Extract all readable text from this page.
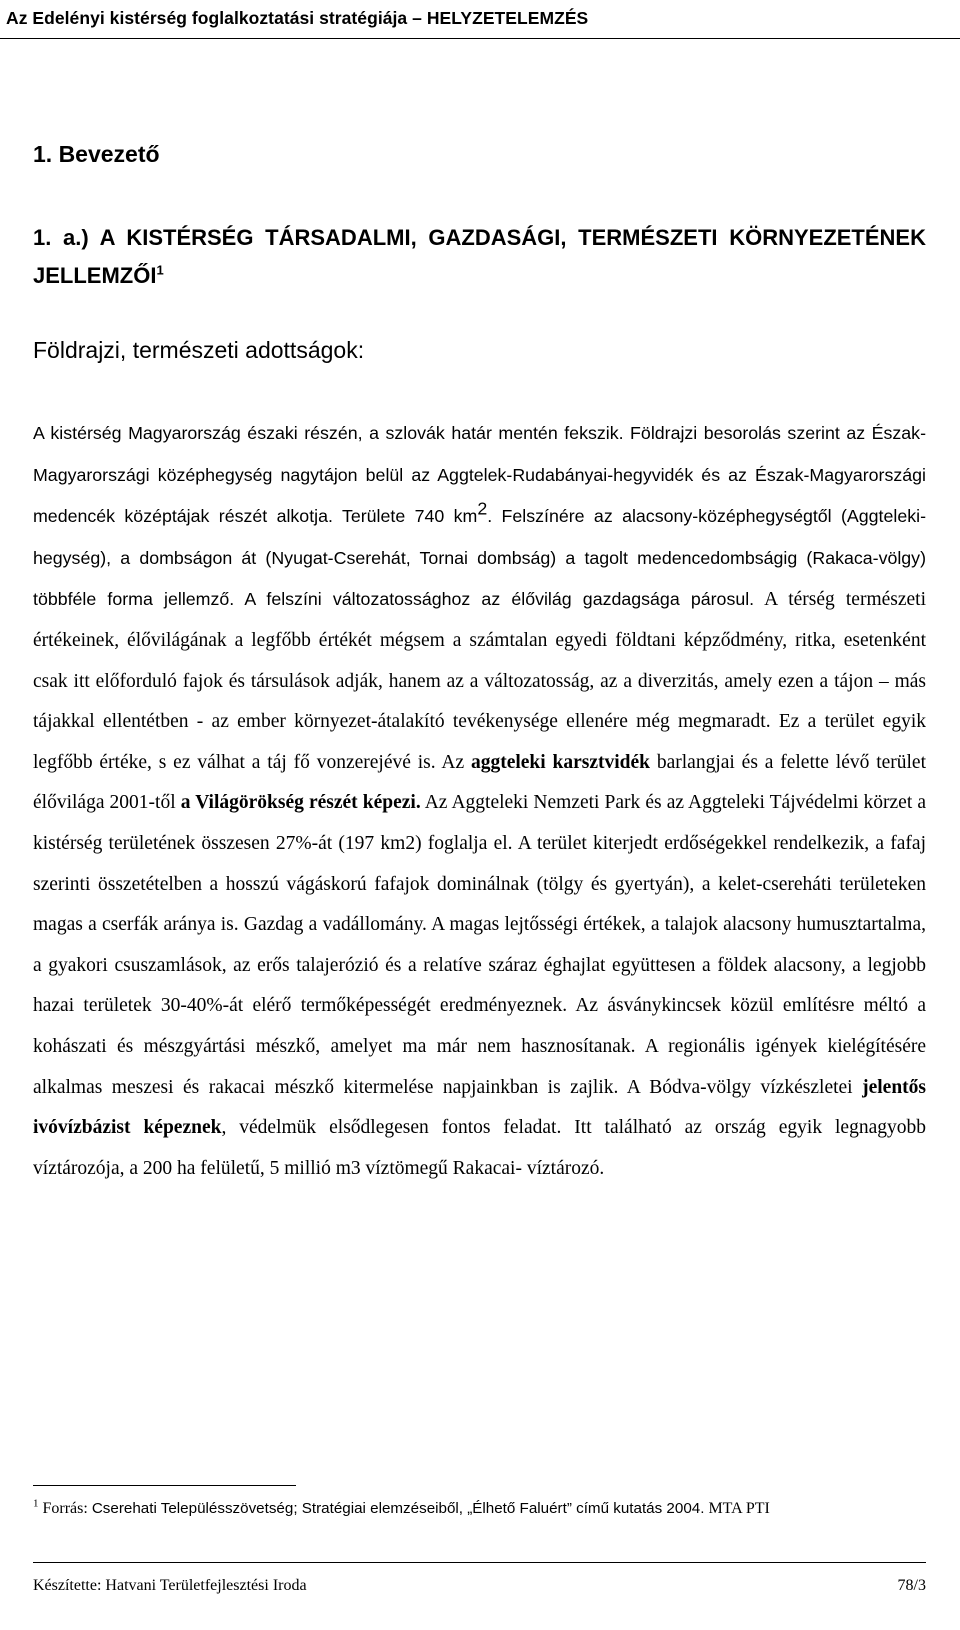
Az Edelényi kistérség foglalkoztatási stratégiája – HELYZETELEMZÉS
1. Bevezető
1. a.) A KISTÉRSÉG TÁRSADALMI, GAZDASÁGI, TERMÉSZETI KÖRNYEZETÉNEK JELLEMZŐI$^1$
Földrajzi, természeti adottságok:

A kistérség Magyarország északi részén, a szlovák határ mentén fekszik. Földrajzi besorolás szerint az Észak-Magyarországi középhegység nagytájon belül az Aggtelek-Rudabányai-hegyvidék és az Észak-Magyarországi medencék középtájak részét alkotja. Területe 740 $km^2$. Felszínére az alacsony-középhegységtől (Aggteleki-hegység), a dombságon át (Nyugat-Cserehát, Tornai dombság) a tagolt medencedombságig (Rakaca-völgy) többféle forma jellemző. A felszíni változatossághoz az élővilág gazdagsága párosul. A térség természeti értékeinek, élővilágának a legfőbb értékét mégsem a számtalan egyedi földtani képződmény, ritka, esetenként csak itt előforduló fajok és társulások adják, hanem az a változatosság, az a diverzitás, amely ezen a tájon – más tájakkal ellentétben - az ember környezet-átalakító tevékenysége ellenére még megmaradt. Ez a terület egyik legfőbb értéke, s ez válhat a táj fő vonzerejévé is. Az aggteleki karsztvidék barlangjai és a felette lévő terület élővilága 2001-től a Világörökség részét képezi. Az Aggteleki Nemzeti Park és az Aggteleki Tájvédelmi körzet a kistérség területének összesen 27%-át (197 km2) foglalja el. A terület kiterjedt erdőségekkel rendelkezik, a fafaj szerinti összetételben a hosszú vágáskorú fafajok dominálnak (tölgy és gyertyán), a kelet-csereháti területeken magas a cserfák aránya is. Gazdag a vadállomány. A magas lejtősségi értékek, a talajok alacsony humusztartalma, a gyakori csuszamlások, az erős talajerózió és a relatíve száraz éghajlat együttesen a földek alacsony, a legjobb hazai területek 30-40%-át elérő termőképességét eredményeznek. Az ásványkincsek közül említésre méltó a kohászati és mészgyártási mészkő, amelyet ma már nem hasznosítanak. A regionális igények kielégítésére alkalmas meszesi és rakacai mészkő kitermelése napjainkban is zajlik. A Bódva-völgy vízkészletei jelentős ivóvízbázist képeznek, védelmük elsődlegesen fontos feladat. Itt található az ország egyik legnagyobb víztározója, a 200 ha felületű, 5 millió m3 víztömegű Rakacai- víztározó.

$^1$ Forrás: Cserehati Településszövetség; Stratégiai elemzéseiből, „Élhető Faluért” című kutatás 2004. MTA PTI

Készítette: Hatvani Területfejlesztési Iroda	78/3
